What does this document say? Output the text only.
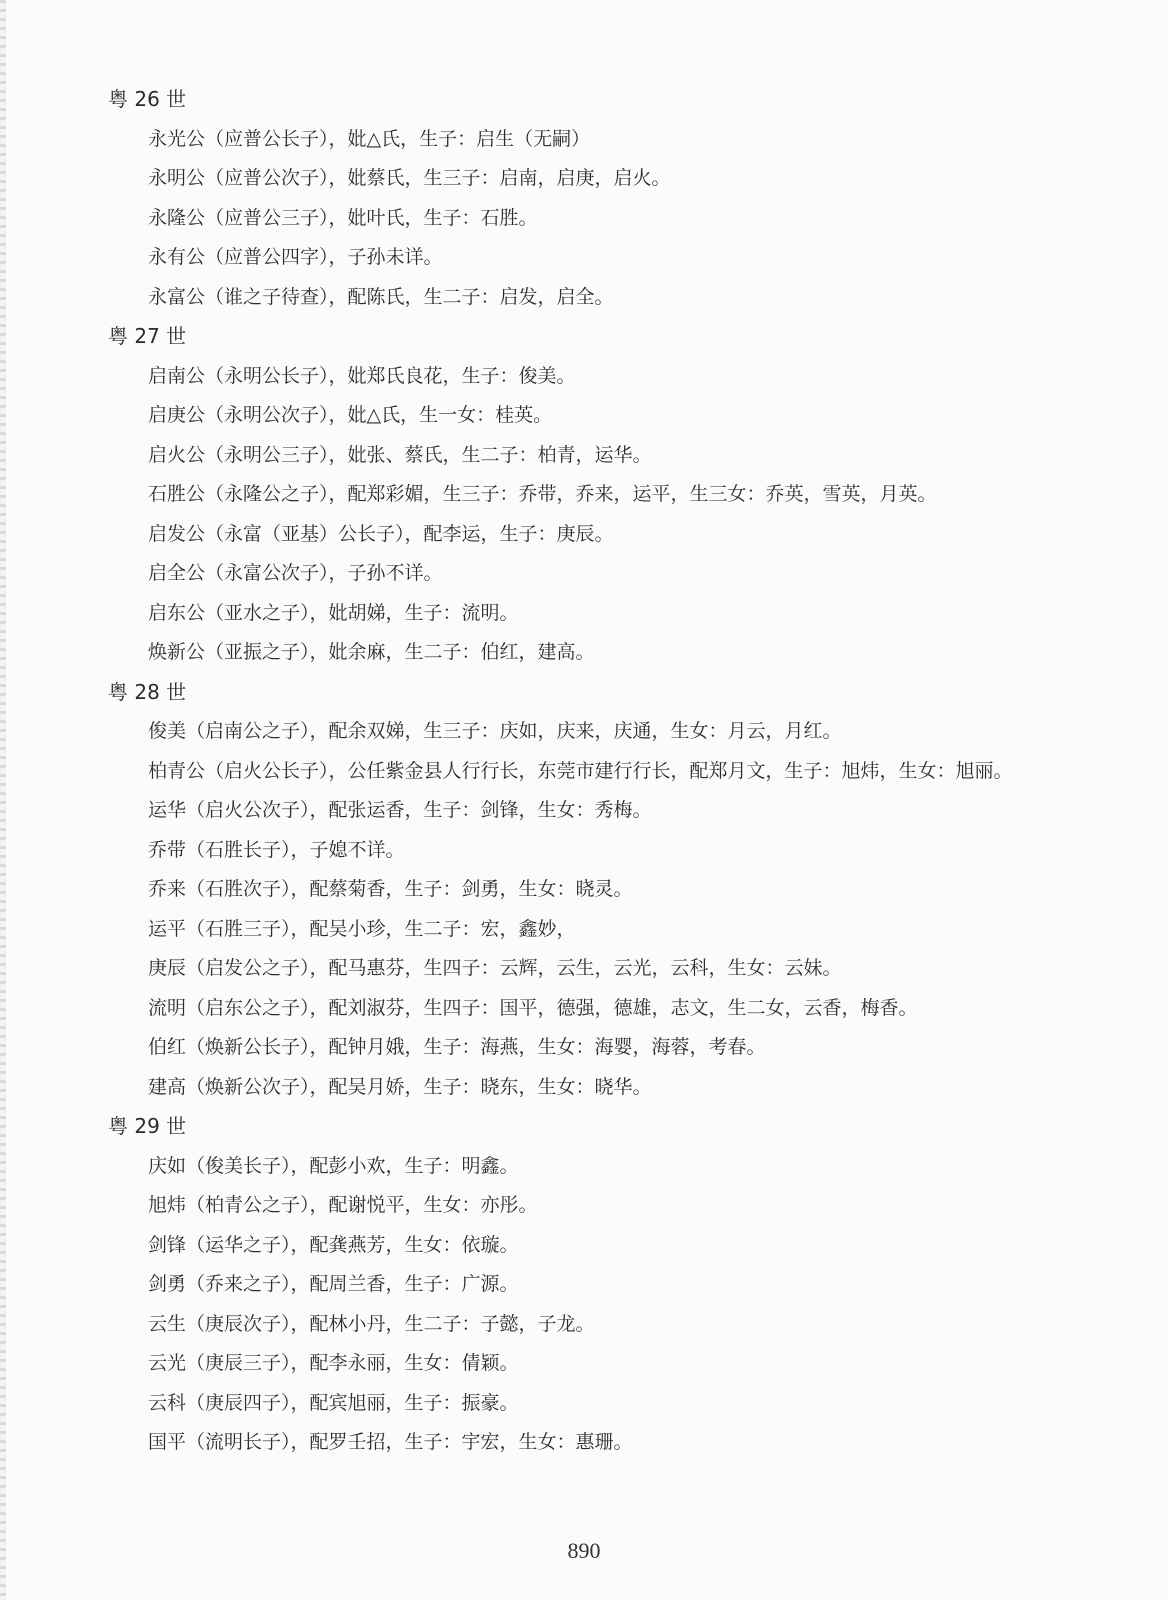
粤 26 世

永光公（应普公长子），妣△氏，生子：启生（无嗣）

永明公（应普公次子），妣蔡氏，生三子：启南，启庚，启火。

永隆公（应普公三子），妣叶氏，生子：石胜。

永有公（应普公四字），子孙未详。

永富公（谁之子待查），配陈氏，生二子：启发，启全。

粤 27 世

启南公（永明公长子），妣郑氏良花，生子：俊美。

启庚公（永明公次子），妣△氏，生一女：桂英。

启火公（永明公三子），妣张、蔡氏，生二子：柏青，运华。

石胜公（永隆公之子），配郑彩媚，生三子：乔带，乔来，运平，生三女：乔英，雪英，月英。

启发公（永富（亚基）公长子），配李运，生子：庚辰。

启全公（永富公次子），子孙不详。

启东公（亚水之子），妣胡娣，生子：流明。

焕新公（亚振之子），妣余麻，生二子：伯红，建高。

粤 28 世

俊美（启南公之子），配余双娣，生三子：庆如，庆来，庆通，生女：月云，月红。

柏青公（启火公长子），公任紫金县人行行长，东莞市建行行长，配郑月文，生子：旭炜，生女：旭丽。

运华（启火公次子），配张运香，生子：剑锋，生女：秀梅。

乔带（石胜长子），子媳不详。

乔来（石胜次子），配蔡菊香，生子：剑勇，生女：晓灵。

运平（石胜三子），配吴小珍，生二子：宏，鑫妙，

庚辰（启发公之子），配马惠芬，生四子：云辉，云生，云光，云科，生女：云妹。

流明（启东公之子），配刘淑芬，生四子：国平，德强，德雄，志文，生二女，云香，梅香。

伯红（焕新公长子），配钟月娥，生子：海燕，生女：海婴，海蓉，考春。

建高（焕新公次子），配吴月娇，生子：晓东，生女：晓华。

粤 29 世

庆如（俊美长子），配彭小欢，生子：明鑫。

旭炜（柏青公之子），配谢悦平，生女：亦彤。

剑锋（运华之子），配龚燕芳，生女：依璇。

剑勇（乔来之子），配周兰香，生子：广源。

云生（庚辰次子），配林小丹，生二子：子懿，子龙。

云光（庚辰三子），配李永丽，生女：倩颖。

云科（庚辰四子），配宾旭丽，生子：振豪。

国平（流明长子），配罗壬招，生子：宇宏，生女：惠珊。

890
